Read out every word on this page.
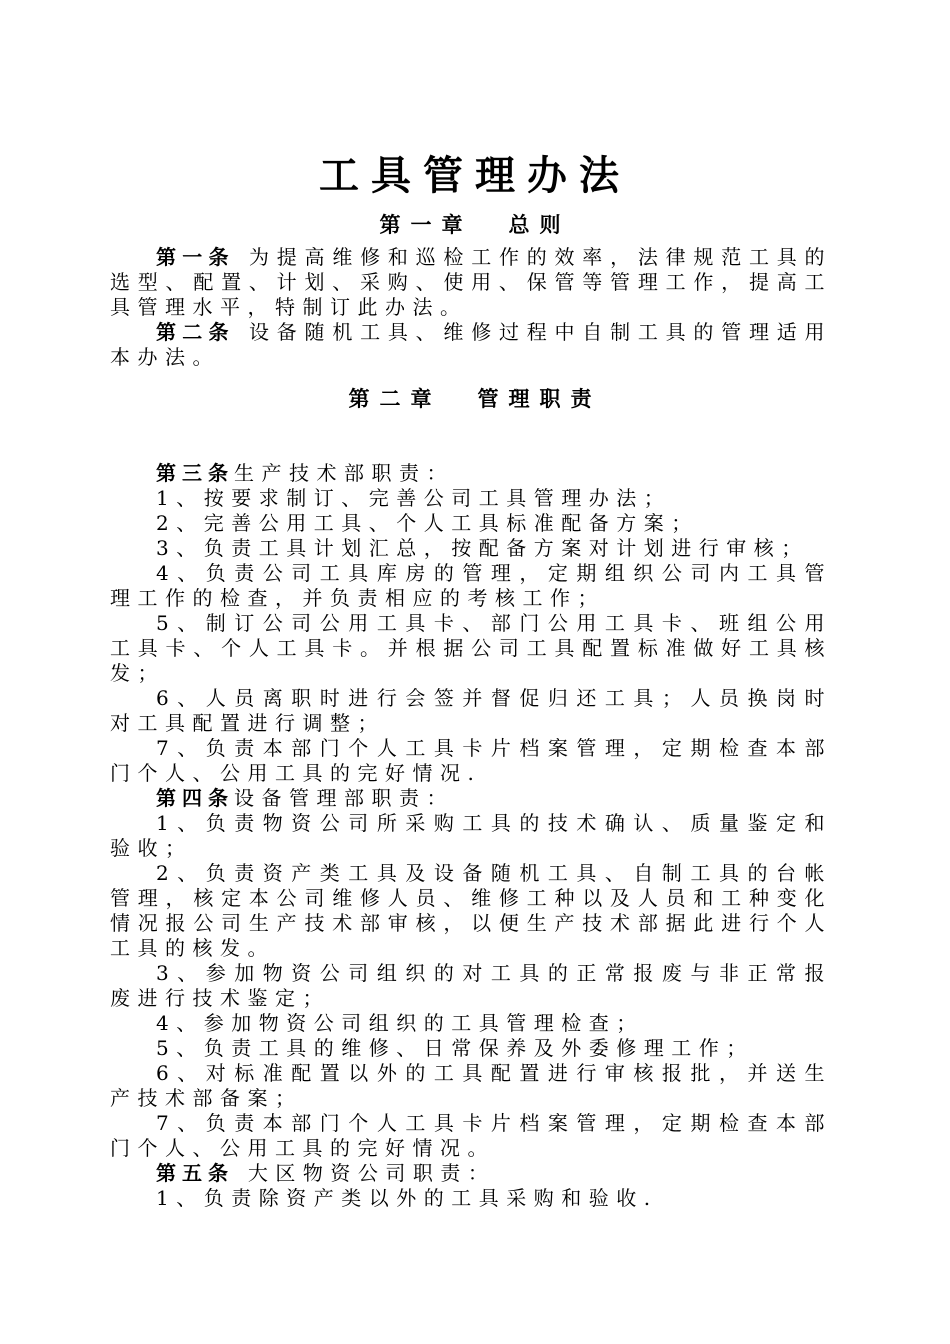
工具管理办法
第一章 总则

第一条 为提高维修和巡检工作的效率，法律规范工具的选型、配置、计划、采购、使用、保管等管理工作，提高工具管理水平，特制订此办法。

第二条 设备随机工具、维修过程中自制工具的管理适用本办法。

第三条生产技术部职责：

1、按要求制订、完善公司工具管理办法；

2、完善公用工具、个人工具标准配备方案；

3、负责工具计划汇总，按配备方案对计划进行审核；

4、负责公司工具库房的管理，定期组织公司内工具管理工作的检查，并负责相应的考核工作；

5、制订公司公用工具卡、部门公用工具卡、班组公用工具卡、个人工具卡。并根据公司工具配置标准做好工具核发；

6、人员离职时进行会签并督促归还工具；人员换岗时对工具配置进行调整；

7、负责本部门个人工具卡片档案管理，定期检查本部门个人、公用工具的完好情况.

第四条设备管理部职责：

1、负责物资公司所采购工具的技术确认、质量鉴定和验收；

2、负责资产类工具及设备随机工具、自制工具的台帐管理，核定本公司维修人员、维修工种以及人员和工种变化情况报公司生产技术部审核，以便生产技术部据此进行个人工具的核发。

3、参加物资公司组织的对工具的正常报废与非正常报废进行技术鉴定；

4、参加物资公司组织的工具管理检查；

5、负责工具的维修、日常保养及外委修理工作；

6、对标准配置以外的工具配置进行审核报批，并送生产技术部备案；

7、负责本部门个人工具卡片档案管理，定期检查本部门个人、公用工具的完好情况。

第五条 大区物资公司职责：

1、负责除资产类以外的工具采购和验收.

第二章 管理职责
